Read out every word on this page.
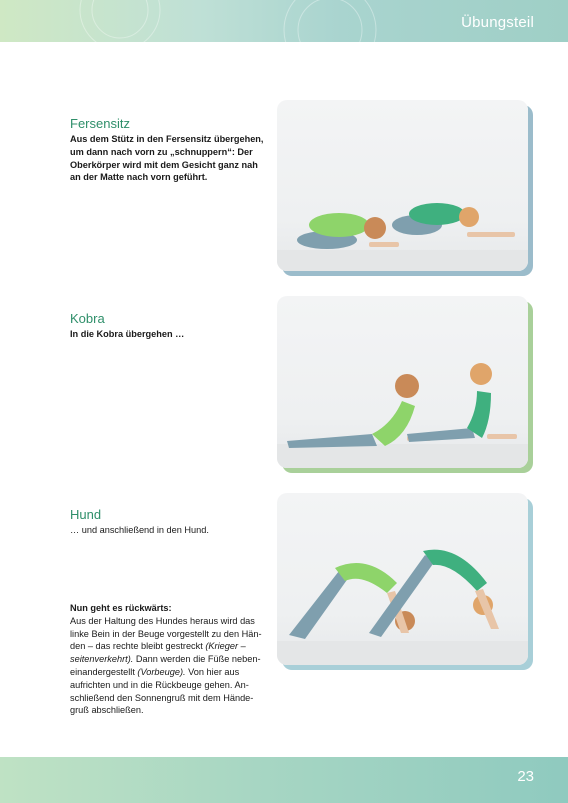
Übungsteil
Fersensitz

Aus dem Stütz in den Fersensitz übergehen, um dann nach vorn zu „schnuppern“: Der Oberkörper wird mit dem Gesicht ganz nah an der Matte nach vorn geführt.

Kobra

In die Kobra übergehen …

Hund

… und anschließend in den Hund.

Nun geht es rückwärts:

Aus der Haltung des Hundes heraus wird das linke Bein in der Beuge vorgestellt zu den Hän-den – das rechte bleibt gestreckt (Krieger – seitenverkehrt). Dann werden die Füße neben-einandergestellt (Vorbeuge). Von hier aus aufrichten und in die Rückbeuge gehen. An-schließend den Sonnengruß mit dem Hände-gruß abschließen.

23
